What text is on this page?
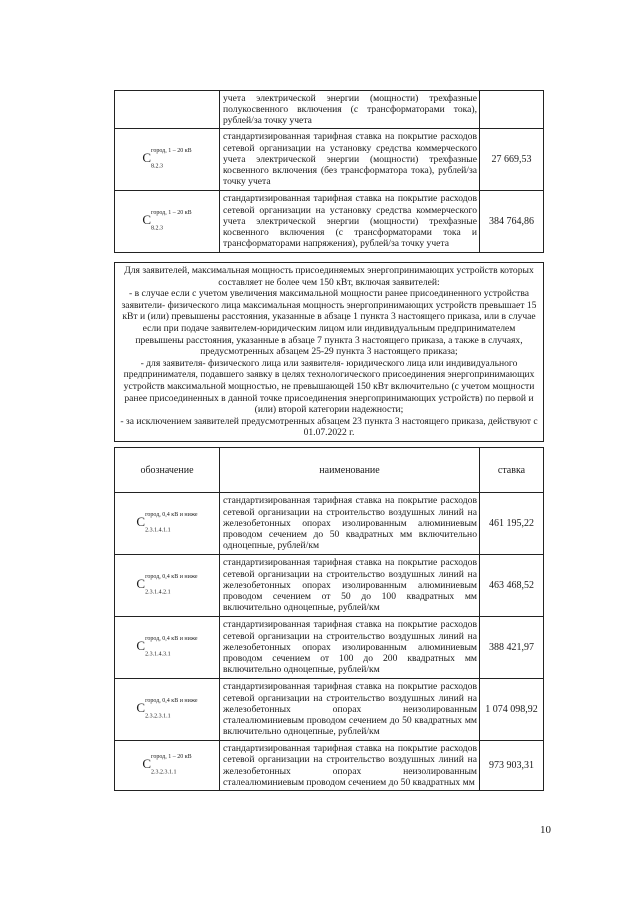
	учета электрической энергии (мощности) трехфазные полукосвенного включения (с трансформаторами тока), рублей/за точку учета	
$C^{город, 1 - 20 кВ}$
$_{8.2.3}$	стандартизированная тарифная ставка на покрытие расходов сетевой организации на установку средства коммерческого учета электрической энергии (мощности) трехфазные косвенного включения (без трансформатора тока), рублей/за точку учета	27 669,53
$C^{город, 1 - 20 кВ}$
$_{8.2.3}$	стандартизированная тарифная ставка на покрытие расходов сетевой организации на установку средства коммерческого учета электрической энергии (мощности) трехфазные косвенного включения (с трансформаторами тока и трансформаторами напряжения), рублей/за точку учета	384 764,86
Для заявителей, максимальная мощность присоединяемых энергопринимающих устройств которых составляет не более чем 150 кВт, включая заявителей:
- в случае если с учетом увеличения максимальной мощности ранее присоединенного устройства заявители- физического лица максимальная мощность энергопринимающих устройств превышает 15 кВт и (или) превышены расстояния, указанные в абзаце 1 пункта 3 настоящего приказа, или в случае если при подаче заявителем-юридическим лицом или индивидуальным предпринимателем превышены расстояния, указанные в абзаце 7 пункта 3 настоящего приказа, а также в случаях, предусмотренных абзацем 25-29 пункта 3 настоящего приказа;
- для заявителя- физического лица или заявителя- юридического лица или индивидуального предпринимателя, подавшего заявку в целях технологического присоединения энергопринимающих устройств максимальной мощностью, не превышающей 150 кВт включительно (с учетом мощности ранее присоединенных в данной точке присоединения энергопринимающих устройств) по первой и (или) второй категории надежности;
- за исключением заявителей предусмотренных абзацем 23 пункта 3 настоящего приказа, действуют с 01.07.2022 г.
обозначение	наименование	ставка
$C^{город, 0,4 кВ и ниже}$
$_{2.3.1.4.1.1}$	стандартизированная тарифная ставка на покрытие расходов сетевой организации на строительство воздушных линий на железобетонных опорах изолированным алюминиевым проводом сечением до 50 квадратных мм включительно одноцепные, рублей/км	461 195,22
$C^{город, 0,4 кВ и ниже}$
$_{2.3.1.4.2.1}$	стандартизированная тарифная ставка на покрытие расходов сетевой организации на строительство воздушных линий на железобетонных опорах изолированным алюминиевым проводом сечением от 50 до 100 квадратных мм включительно одноцепные, рублей/км	463 468,52
$C^{город, 0,4 кВ и ниже}$
$_{2.3.1.4.3.1}$	стандартизированная тарифная ставка на покрытие расходов сетевой организации на строительство воздушных линий на железобетонных опорах изолированным алюминиевым проводом сечением от 100 до 200 квадратных мм включительно одноцепные, рублей/км	388 421,97
$C^{город, 0,4 кВ и ниже}$
$_{2.3.2.3.1.1}$	стандартизированная тарифная ставка на покрытие расходов сетевой организации на строительство воздушных линий на железобетонных опорах неизолированным сталеалюминиевым проводом сечением до 50 квадратных мм включительно одноцепные, рублей/км	1 074 098,92
$C^{город, 1 - 20 кВ}$
$_{2.3.2.3.1.1}$	стандартизированная тарифная ставка на покрытие расходов сетевой организации на строительство воздушных линий на железобетонных опорах неизолированным сталеалюминиевым проводом сечением до 50 квадратных мм	973 903,31
10
